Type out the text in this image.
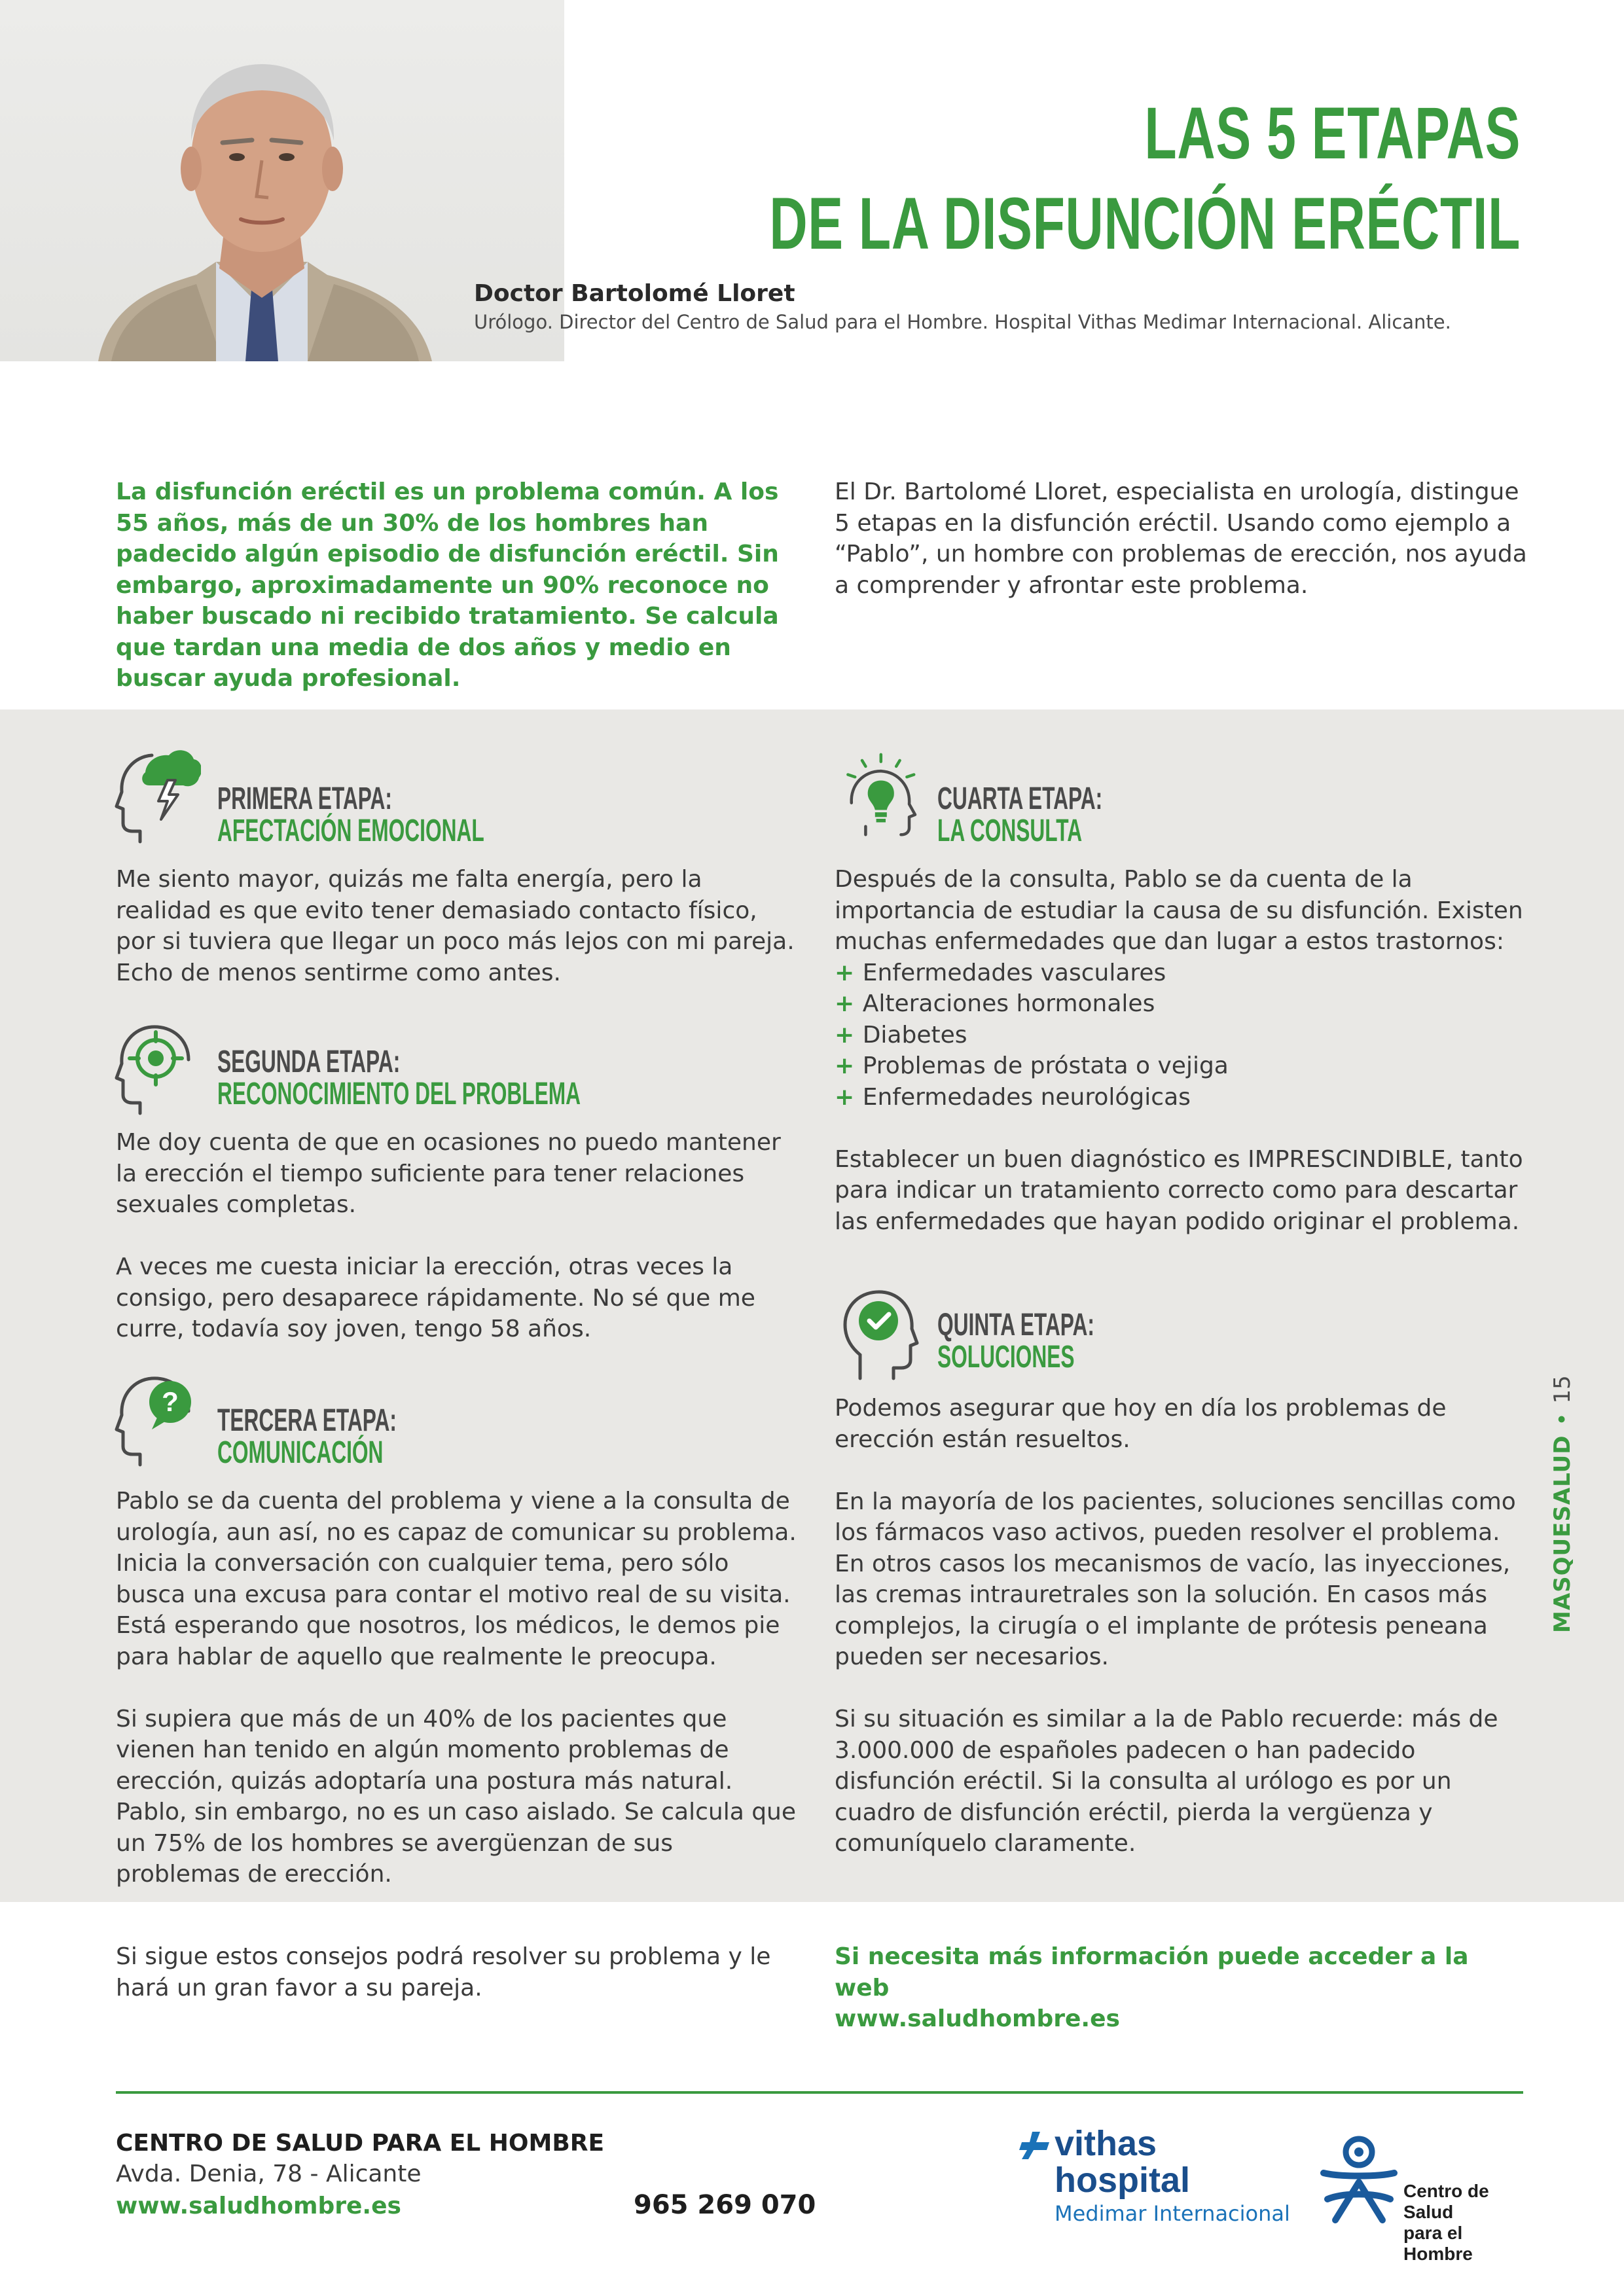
LAS 5 ETAPAS
DE LA DISFUNCIÓN ERÉCTIL
Doctor Bartolomé Lloret
Urólogo. Director del Centro de Salud para el Hombre. Hospital Vithas Medimar Internacional. Alicante.
La disfunción eréctil es un problema común. A los 55 años, más de un 30% de los hombres han padecido algún episodio de disfunción eréctil. Sin embargo, aproximadamente un 90% reconoce no haber buscado ni recibido tratamiento. Se calcula que tardan una media de dos años y medio en buscar ayuda profesional.
El Dr. Bartolomé Lloret, especialista en urología, distingue 5 etapas en la disfunción eréctil. Usando como ejemplo a “Pablo”, un hombre con problemas de erección, nos ayuda a comprender y afrontar este problema.
PRIMERA ETAPA:
AFECTACIÓN EMOCIONAL

Me siento mayor, quizás me falta energía, pero la realidad es que evito tener demasiado contacto físico, por si tuviera que llegar un poco más lejos con mi pareja. Echo de menos sentirme como antes.

SEGUNDA ETAPA:
RECONOCIMIENTO DEL PROBLEMA

Me doy cuenta de que en ocasiones no puedo mantener la erección el tiempo suficiente para tener relaciones sexuales completas.

A veces me cuesta iniciar la erección, otras veces la consigo, pero desaparece rápidamente. No sé que me curre, todavía soy joven, tengo 58 años.

?
TERCERA ETAPA:
COMUNICACIÓN

Pablo se da cuenta del problema y viene a la consulta de urología, aun así, no es capaz de comunicar su problema. Inicia la conversación con cualquier tema, pero sólo busca una excusa para contar el motivo real de su visita. Está esperando que nosotros, los médicos, le demos pie para hablar de aquello que realmente le preocupa.

Si supiera que más de un 40% de los pacientes que vienen han tenido en algún momento problemas de erección, quizás adoptaría una postura más natural. Pablo, sin embargo, no es un caso aislado. Se calcula que un 75% de los hombres se avergüenzan de sus problemas de erección.

CUARTA ETAPA:
LA CONSULTA

Después de la consulta, Pablo se da cuenta de la importancia de estudiar la causa de su disfunción. Existen muchas enfermedades que dan lugar a estos trastornos:

+ Enfermedades vasculares
+ Alteraciones hormonales
+ Diabetes
+ Problemas de próstata o vejiga
+ Enfermedades neurológicas

Establecer un buen diagnóstico es IMPRESCINDIBLE, tanto para indicar un tratamiento correcto como para descartar las enfermedades que hayan podido originar el problema.

QUINTA ETAPA:
SOLUCIONES

Podemos asegurar que hoy en día los problemas de erección están resueltos.

En la mayoría de los pacientes, soluciones sencillas como los fármacos vaso activos, pueden resolver el problema. En otros casos los mecanismos de vacío, las inyecciones, las cremas intrauretrales son la solución. En casos más complejos, la cirugía o el implante de prótesis peneana pueden ser necesarios.

Si su situación es similar a la de Pablo recuerde: más de 3.000.000 de españoles padecen o han padecido disfunción eréctil. Si la consulta al urólogo es por un cuadro de disfunción eréctil, pierda la vergüenza y comuníquelo claramente.

MASQUESALUD•15
Si sigue estos consejos podrá resolver su problema y le hará un gran favor a su pareja.
Si necesita más información puede acceder a la web
www.saludhombre.es
CENTRO DE SALUD PARA EL HOMBRE
Avda. Denia, 78 - Alicante
www.saludhombre.es	965 269 070
vithas
hospital
Medimar Internacional
Centro de Salud
para el Hombre
